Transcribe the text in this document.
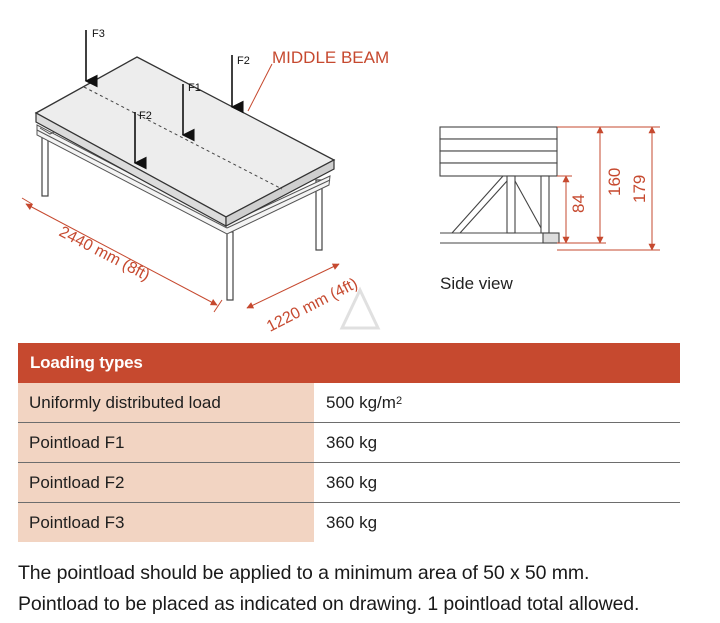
F3
F2
F1
F2
MIDDLE BEAM
2440 mm (8ft)
1220 mm (4ft)
84
160 179
Side view
Loading types
Uniformly distributed load	500 $kg/m^2$
Pointload F1	360 kg
Pointload F2	360 kg
Pointload F3	360 kg
The pointload should be applied to a minimum area of 50 x 50 mm.
Pointload to be placed as indicated on drawing. 1 pointload total allowed.
